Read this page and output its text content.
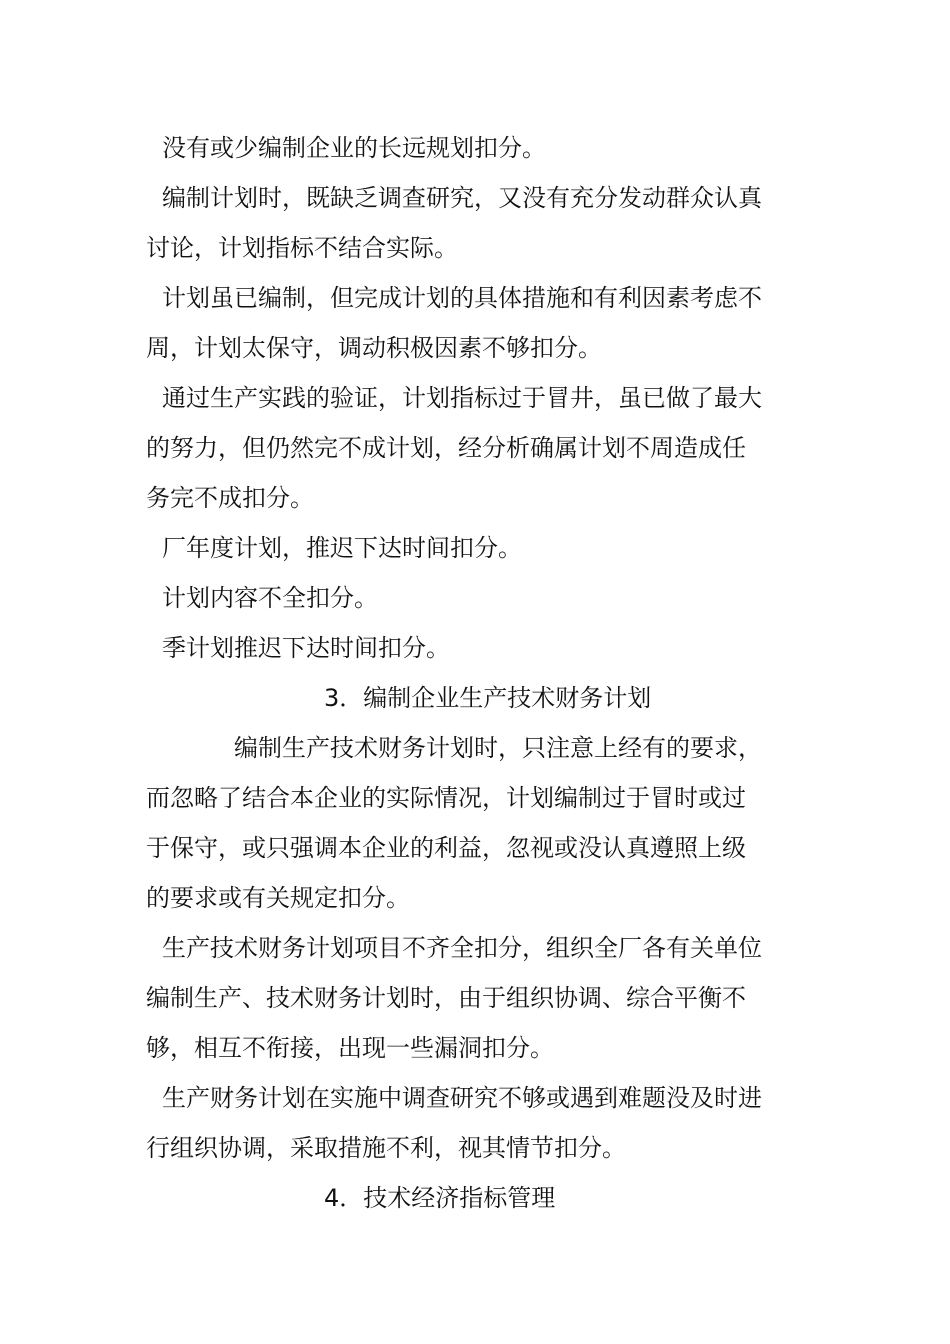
没有或少编制企业的长远规划扣分。
编制计划时，既缺乏调查研究，又没有充分发动群众认真
讨论，计划指标不结合实际。
计划虽已编制，但完成计划的具体措施和有利因素考虑不
周，计划太保守，调动积极因素不够扣分。
通过生产实践的验证，计划指标过于冒井，虽已做了最大
的努力，但仍然完不成计划，经分析确属计划不周造成任
务完不成扣分。
厂年度计划，推迟下达时间扣分。
计划内容不全扣分。
季计划推迟下达时间扣分。
3．编制企业生产技术财务计划
编制生产技术财务计划时，只注意上经有的要求，
而忽略了结合本企业的实际情况，计划编制过于冒时或过
于保守，或只强调本企业的利益，忽视或没认真遵照上级
的要求或有关规定扣分。
生产技术财务计划项目不齐全扣分，组织全厂各有关单位
编制生产、技术财务计划时，由于组织协调、综合平衡不
够，相互不衔接，出现一些漏洞扣分。
生产财务计划在实施中调查研究不够或遇到难题没及时进
行组织协调，采取措施不利，视其情节扣分。
4．技术经济指标管理
